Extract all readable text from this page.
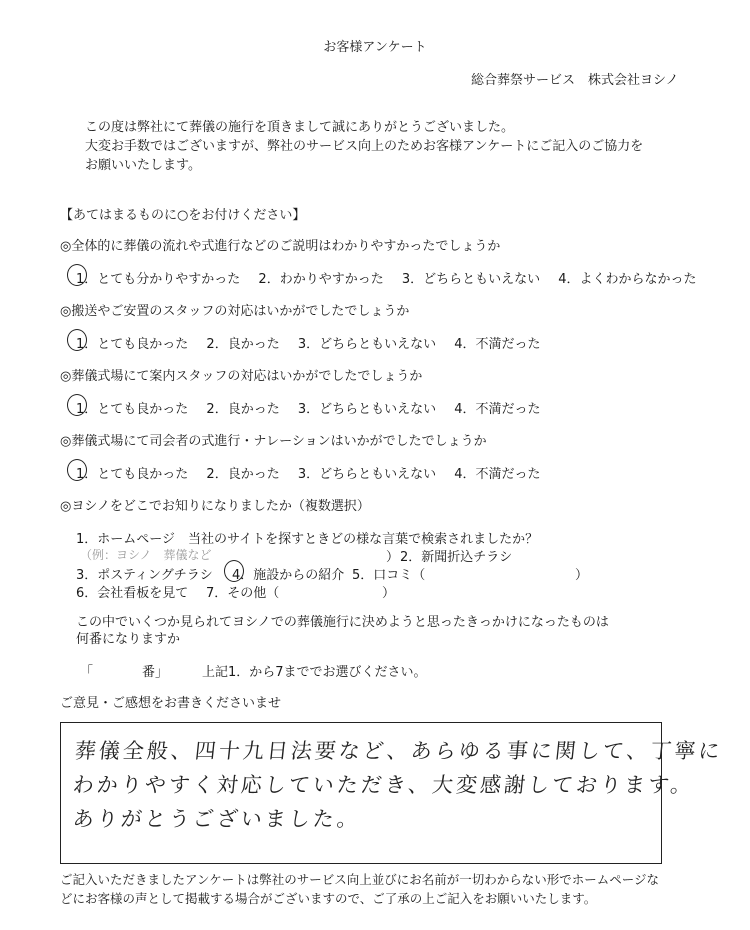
お客様アンケート
総合葬祭サービス　株式会社ヨシノ
この度は弊社にて葬儀の施行を頂きまして誠にありがとうございました。
大変お手数ではございますが、弊社のサービス向上のためお客様アンケートにご記入のご協力を
お願いいたします。
【あてはまるものに○をお付けください】
◎全体的に葬儀の流れや式進行などのご説明はわかりやすかったでしょうか
1．とても分かりやすかった 2．わかりやすかった 3．どちらともいえない 4．よくわからなかった
◎搬送やご安置のスタッフの対応はいかがでしたでしょうか
1．とても良かった 2．良かった 3．どちらともいえない 4．不満だった
◎葬儀式場にて案内スタッフの対応はいかがでしたでしょうか
1．とても良かった 2．良かった 3．どちらともいえない 4．不満だった
◎葬儀式場にて司会者の式進行・ナレーションはいかがでしたでしょうか
1．とても良かった 2．良かった 3．どちらともいえない 4．不満だった
◎ヨシノをどこでお知りになりましたか（複数選択）
1．ホームページ　当社のサイトを探すときどの様な言葉で検索されましたか？
（例：ヨシノ　葬儀など	） 2．新聞折込チラシ
3．ポスティングチラシ 4．施設からの紹介 5．口コミ（	）
6．会社看板を見て 7．その他（	）
この中でいくつか見られてヨシノでの葬儀施行に決めようと思ったきっかけになったものは
何番になりますか
「	番」	上記1．から7まででお選びください。
ご意見・ご感想をお書きくださいませ
葬儀全般、四十九日法要など、あらゆる事に関して、丁寧に
わかりやすく対応していただき、大変感謝しております。
ありがとうございました。
ご記入いただきましたアンケートは弊社のサービス向上並びにお名前が一切わからない形でホームページな
どにお客様の声として掲載する場合がございますので、ご了承の上ご記入をお願いいたします。
